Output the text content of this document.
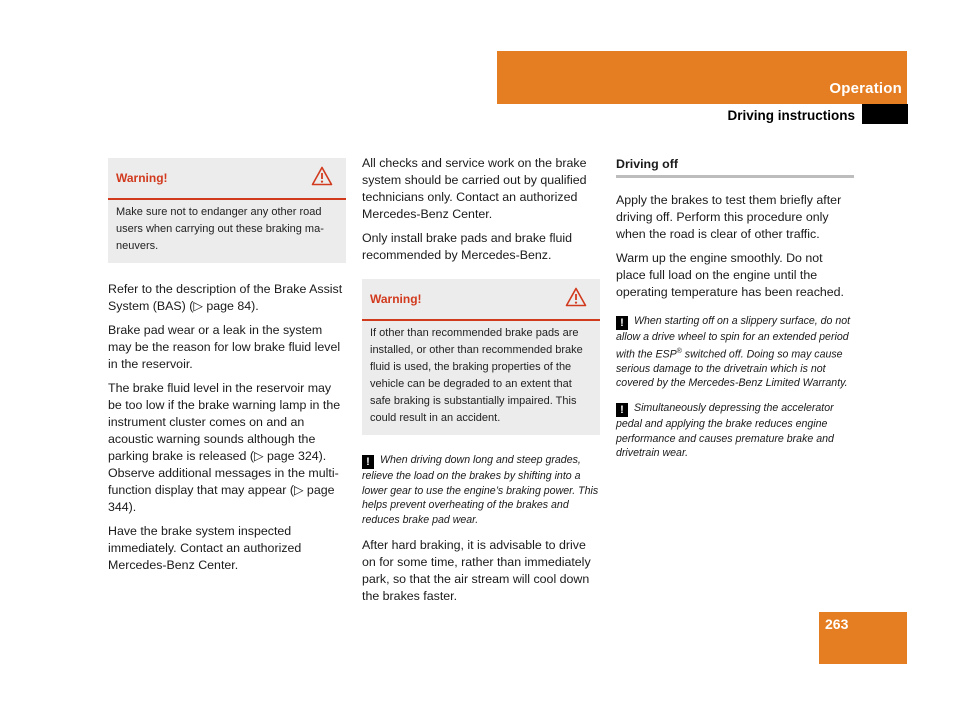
Operation
Driving instructions
Warning!
Make sure not to endanger any other road users when carrying out these braking ma-neuvers.

Refer to the description of the Brake Assist System (BAS) (▷ page 84).

Brake pad wear or a leak in the system may be the reason for low brake fluid level in the reservoir.

The brake fluid level in the reservoir may be too low if the brake warning lamp in the instrument cluster comes on and an acoustic warning sounds although the parking brake is released (▷ page 324). Observe additional messages in the multi-function display that may appear (▷ page 344).

Have the brake system inspected immediately. Contact an authorized Mercedes-Benz Center.

All checks and service work on the brake system should be carried out by qualified technicians only. Contact an authorized Mercedes-Benz Center.

Only install brake pads and brake fluid recommended by Mercedes-Benz.

Warning!
If other than recommended brake pads are installed, or other than recommended brake fluid is used, the braking properties of the vehicle can be degraded to an extent that safe braking is substantially impaired. This could result in an accident.

! When driving down long and steep grades, relieve the load on the brakes by shifting into a lower gear to use the engine’s braking power. This helps prevent overheating of the brakes and reduces brake pad wear.

After hard braking, it is advisable to drive on for some time, rather than immediately park, so that the air stream will cool down the brakes faster.

Driving off

Apply the brakes to test them briefly after driving off. Perform this procedure only when the road is clear of other traffic.

Warm up the engine smoothly. Do not place full load on the engine until the operating temperature has been reached.

! When starting off on a slippery surface, do not allow a drive wheel to spin for an extended period with the ESP® switched off. Doing so may cause serious damage to the drivetrain which is not covered by the Mercedes-Benz Limited Warranty.

! Simultaneously depressing the accelerator pedal and applying the brake reduces engine performance and causes premature brake and drivetrain wear.

263
